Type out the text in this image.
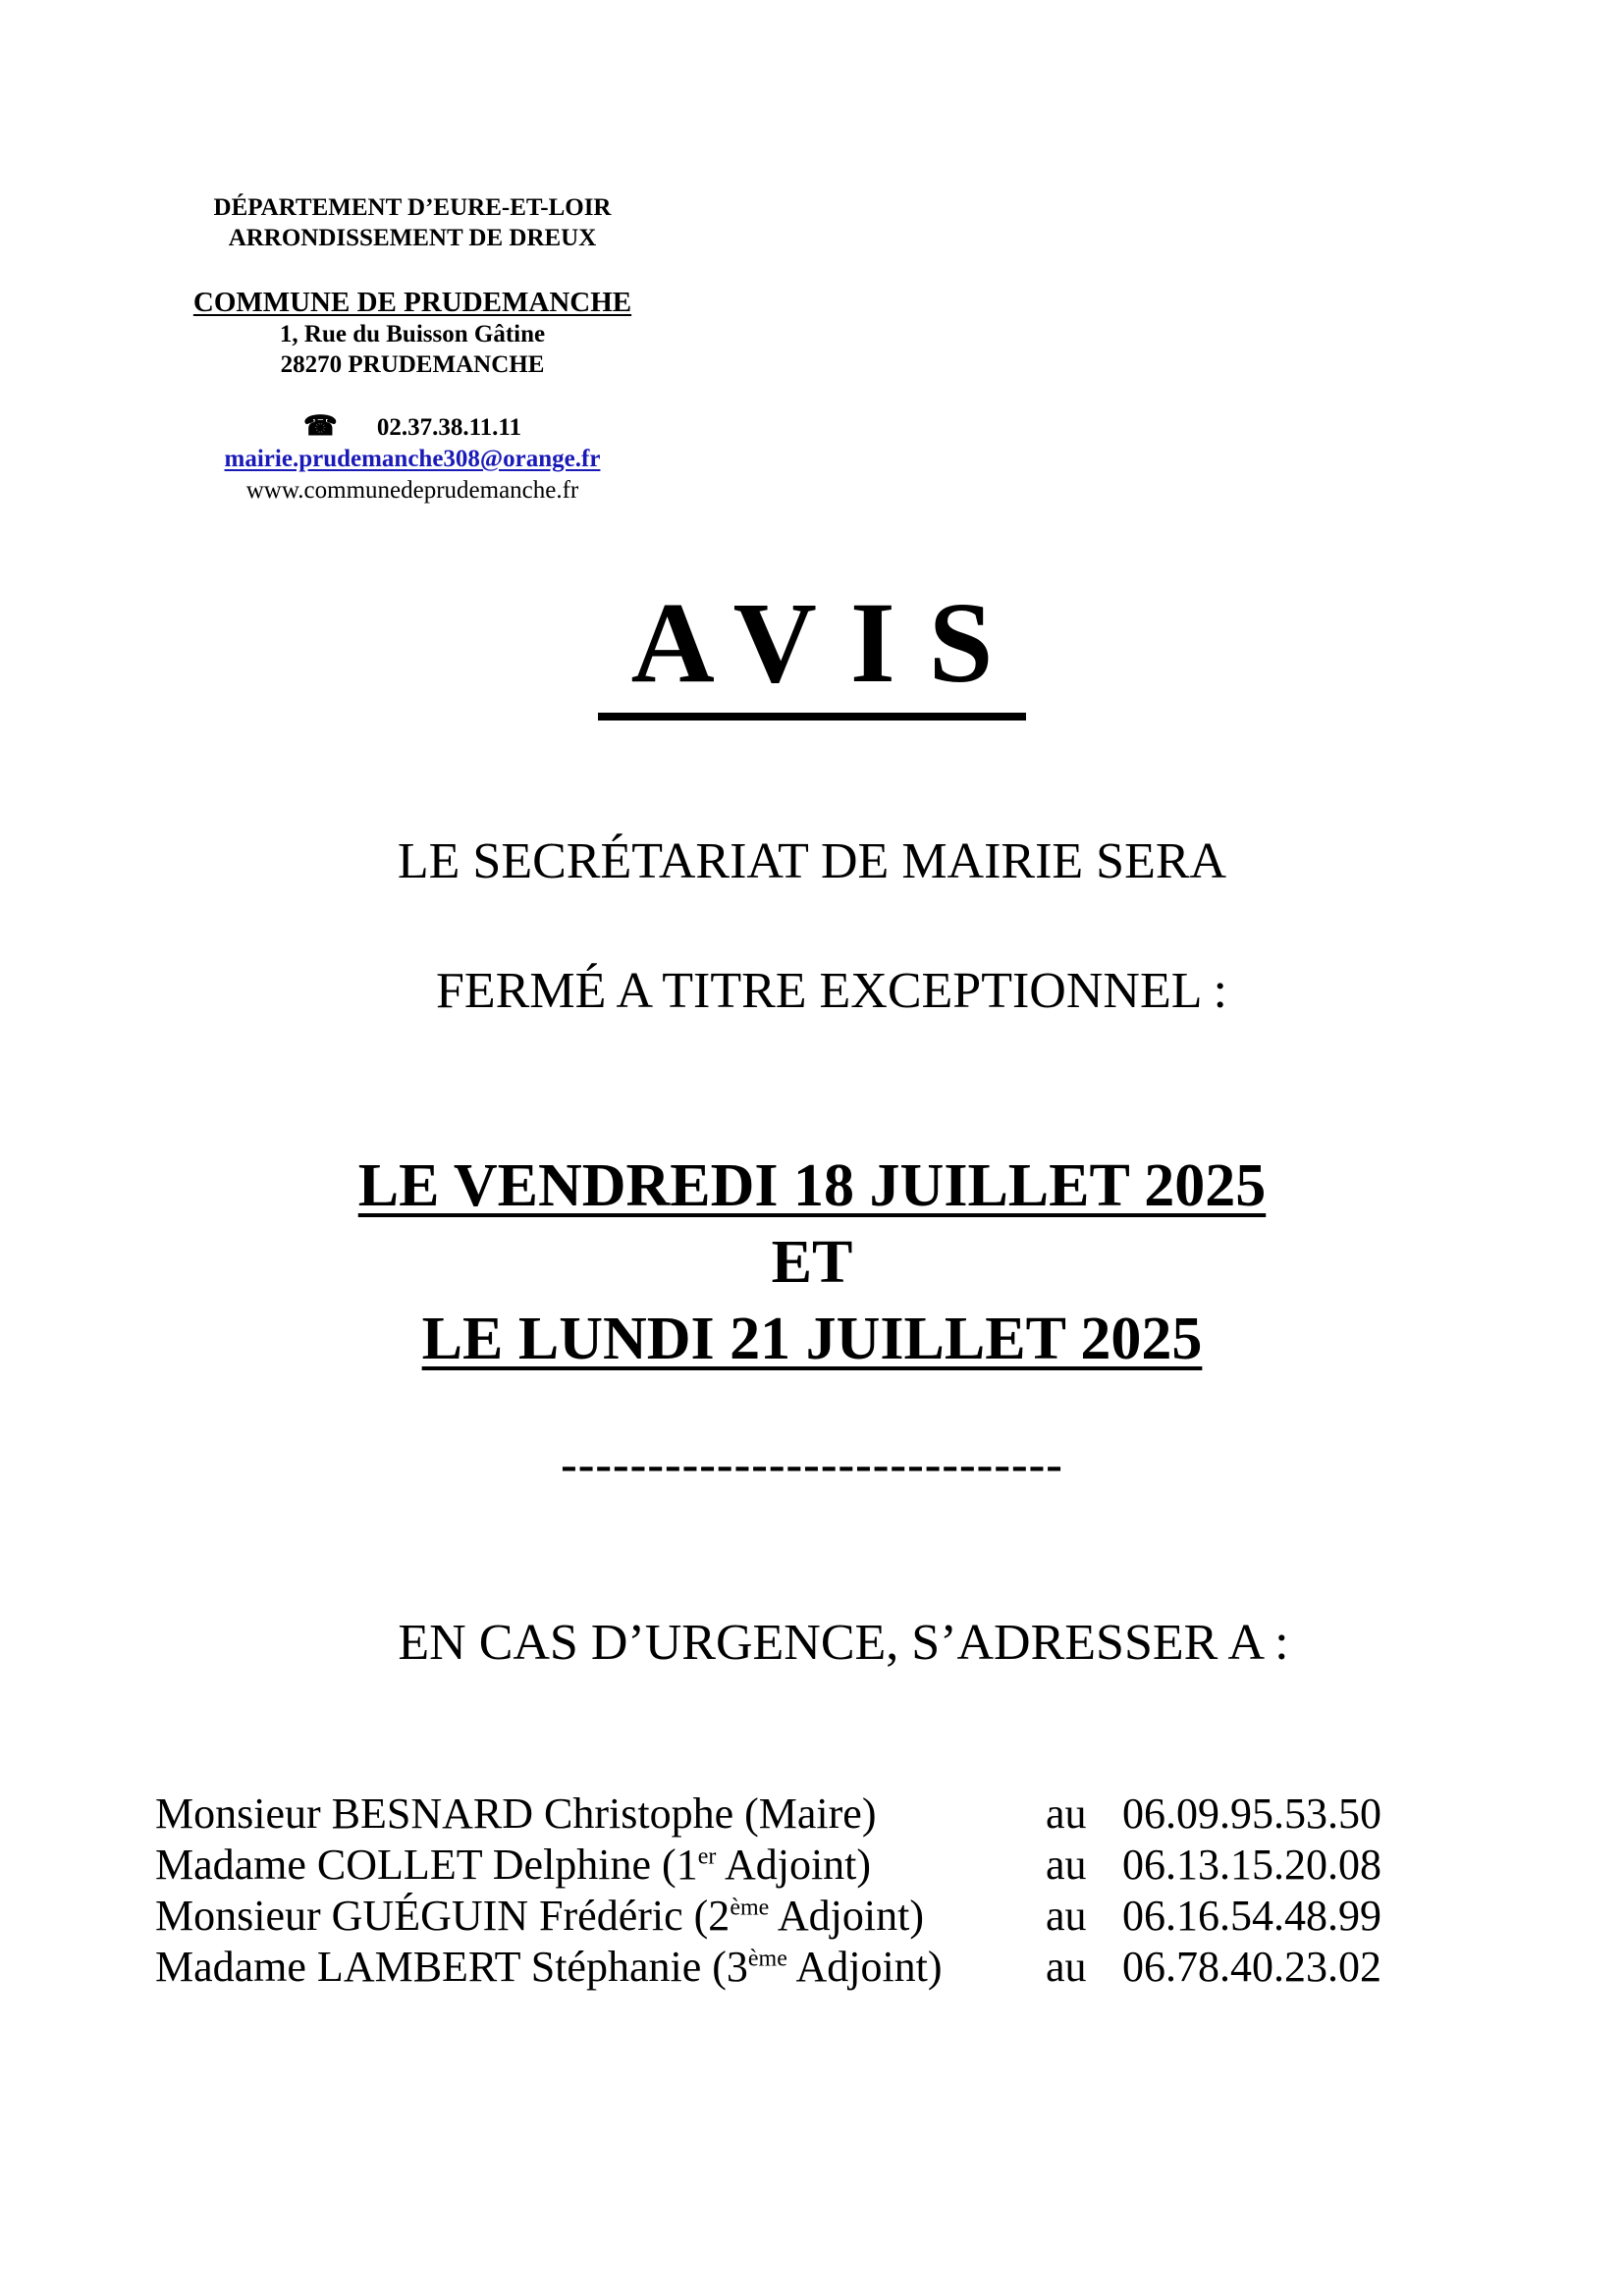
DÉPARTEMENT D’EURE-ET-LOIR
ARRONDISSEMENT DE DREUX
COMMUNE DE PRUDEMANCHE
1, Rue du Buisson Gâtine
28270 PRUDEMANCHE
☎ 02.37.38.11.11
mairie.prudemanche308@orange.fr
www.communedeprudemanche.fr
AVIS
LE SECRÉTARIAT DE MAIRIE SERA
FERMÉ A TITRE EXCEPTIONNEL :
LE VENDREDI 18 JUILLET 2025
ET
LE LUNDI 21 JUILLET 2025
-----------------------------
EN CAS D’URGENCE, S’ADRESSER A :
Monsieur BESNARD Christophe (Maire)	au 06.09.95.53.50
Madame COLLET Delphine (1er Adjoint)	au 06.13.15.20.08
Monsieur GUÉGUIN Frédéric (2ème Adjoint)	au 06.16.54.48.99
Madame LAMBERT Stéphanie (3ème Adjoint) au 06.78.40.23.02
